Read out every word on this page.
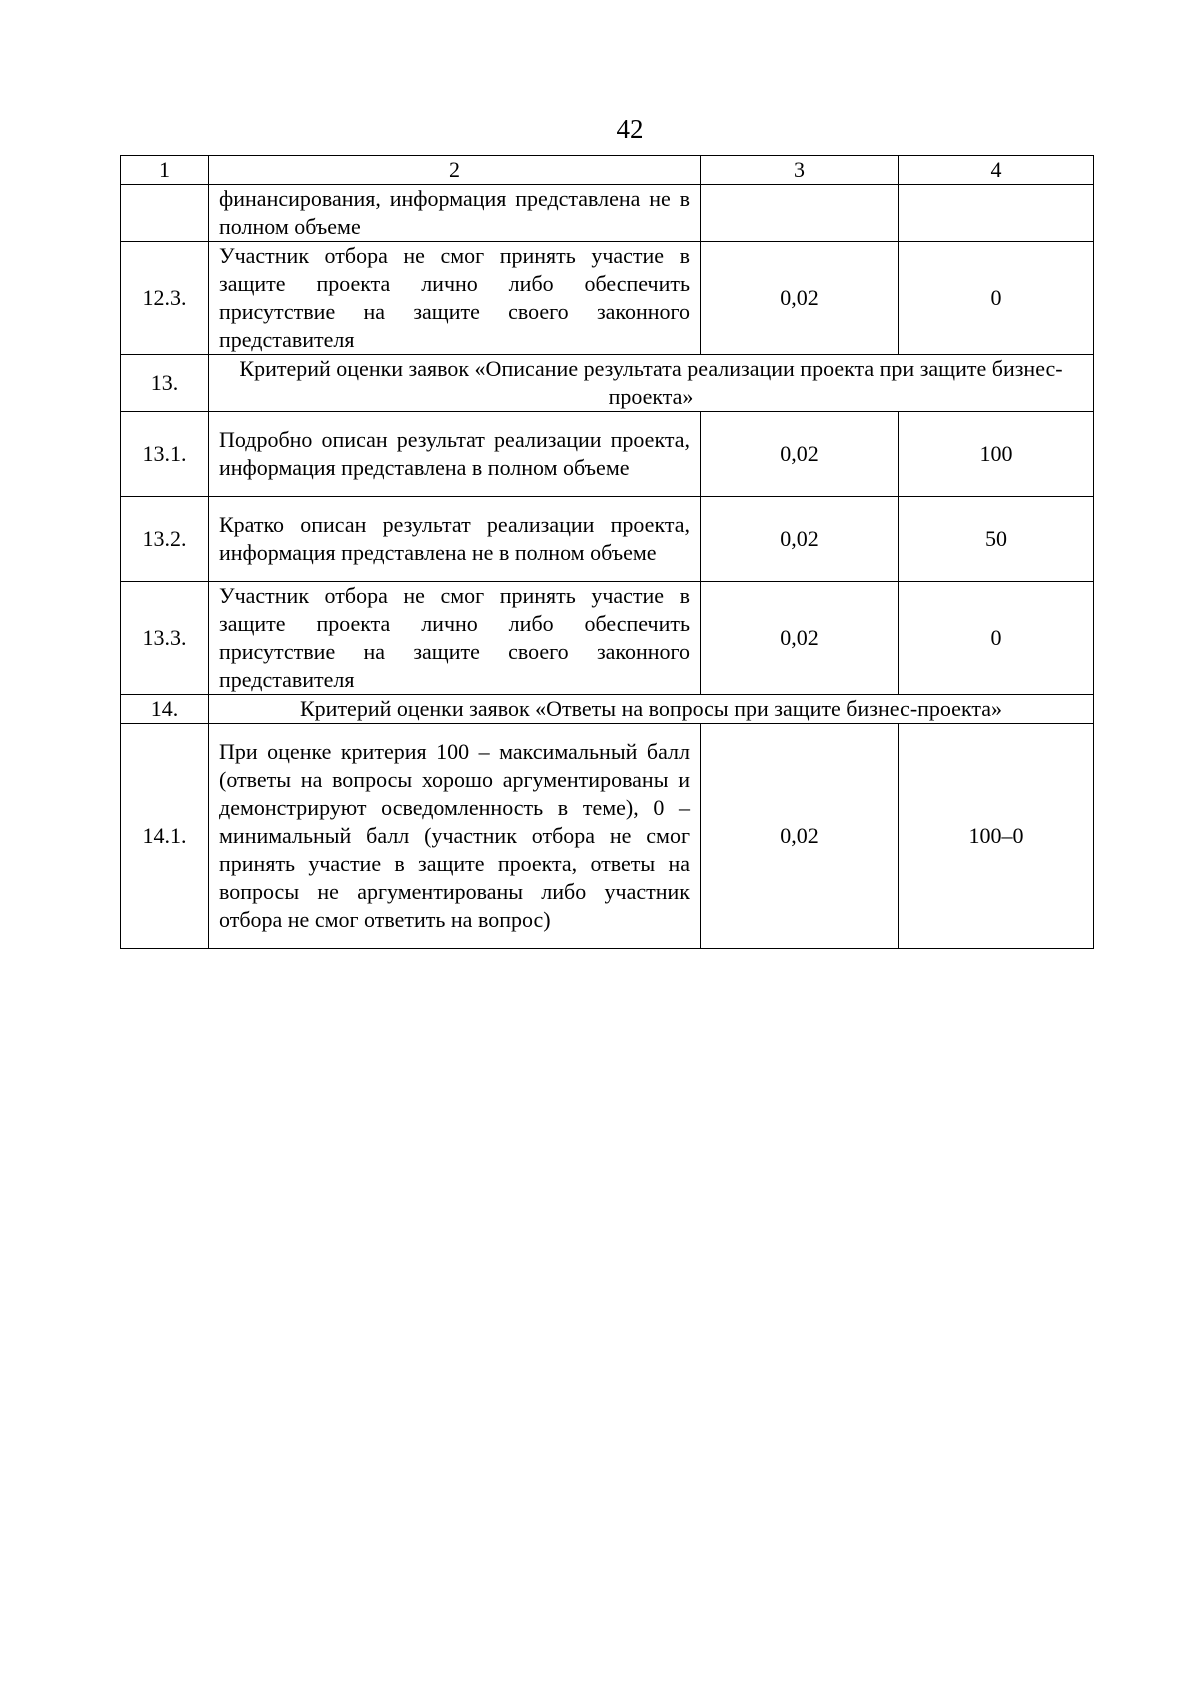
42
1	2	3	4
	финансирования, информация представлена не в полном объеме		
12.3.	Участник отбора не смог принять участие в защите проекта лично либо обеспечить присутствие на защите своего законного представителя	0,02	0
13.	Критерий оценки заявок «Описание результата реализации проекта при защите бизнес-проекта»		
13.1.	Подробно описан результат реализации проекта, информация представлена в полном объеме	0,02	100
13.2.	Кратко описан результат реализации проекта, информация представлена не в полном объеме	0,02	50
13.3.	Участник отбора не смог принять участие в защите проекта лично либо обеспечить присутствие на защите своего законного представителя	0,02	0
14.	Критерий оценки заявок «Ответы на вопросы при защите бизнес-проекта»		
14.1.	При оценке критерия 100 – максимальный балл (ответы на вопросы хорошо аргументированы и демонстрируют осведомленность в теме), 0 – минимальный балл (участник отбора не смог принять участие в защите проекта, ответы на вопросы не аргументированы либо участник отбора не смог ответить на вопрос)	0,02	100–0
